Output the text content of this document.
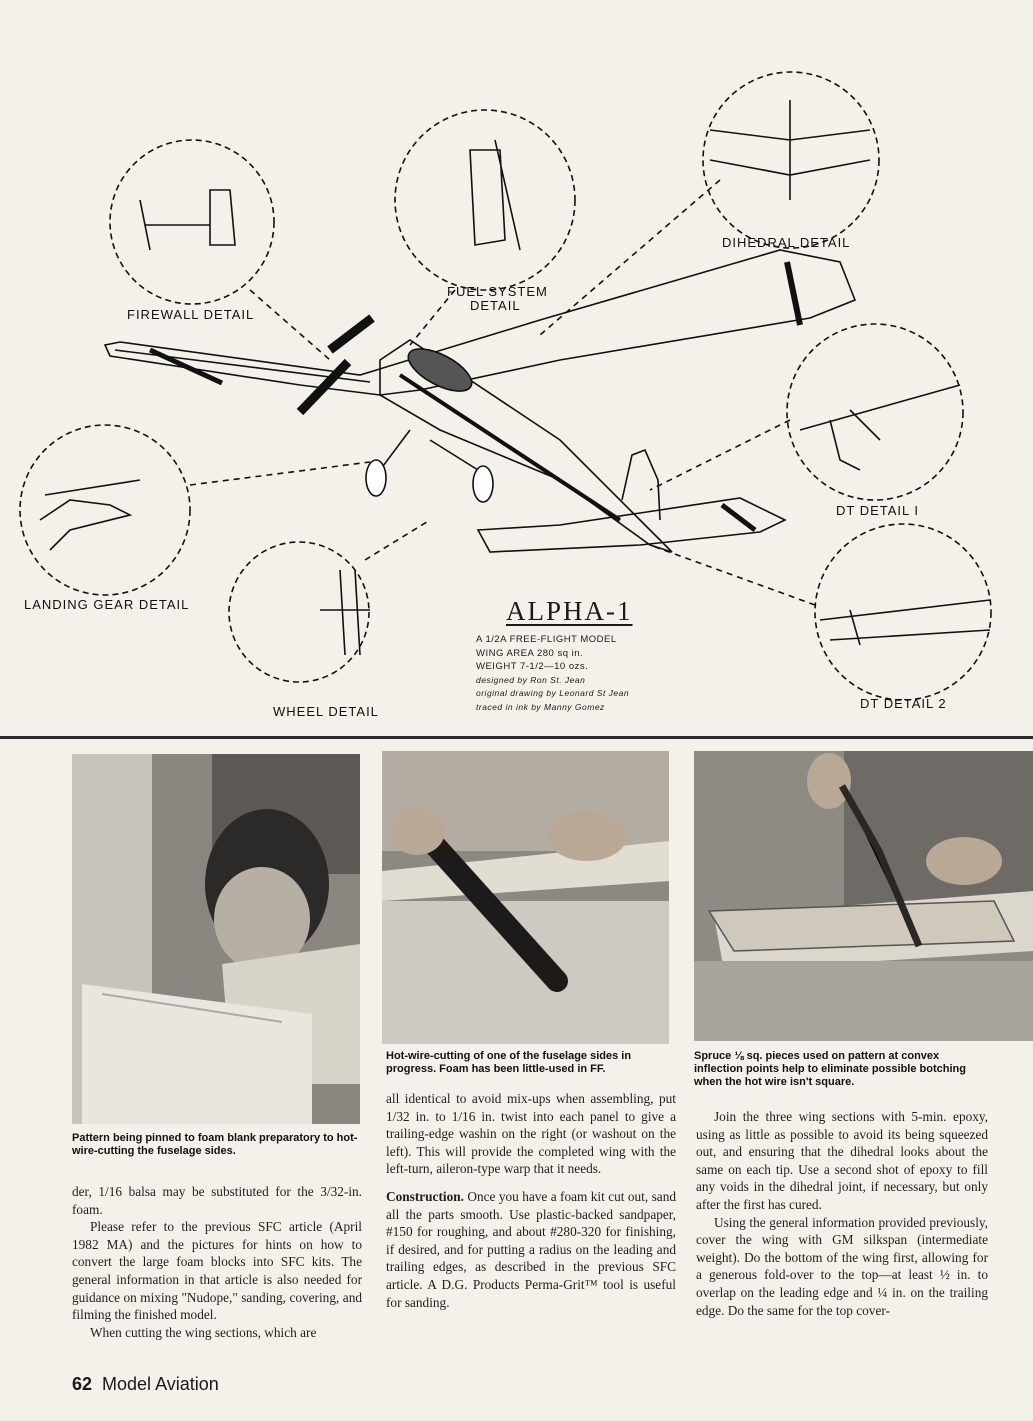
FIREWALL DETAIL
FUEL SYSTEM
DETAIL
DIHEDRAL DETAIL
DT DETAIL I
DT DETAIL 2
LANDING GEAR DETAIL
WHEEL DETAIL
ALPHA-1
A 1/2A FREE-FLIGHT MODEL
WING AREA 280 sq in.
WEIGHT 7-1/2—10 ozs.
designed by Ron St. Jean
original drawing by Leonard St Jean
traced in ink by Manny Gomez
Pattern being pinned to foam blank preparatory to hot-wire-cutting the fuselage sides.
Hot-wire-cutting of one of the fuselage sides in progress. Foam has been little-used in FF.
Spruce ⅛ sq. pieces used on pattern at convex inflection points help to eliminate possible botching when the hot wire isn't square.

der, 1/16 balsa may be substituted for the 3/32-in. foam.

Please refer to the previous SFC article (April 1982 MA) and the pictures for hints on how to convert the large foam blocks into SFC kits. The general information in that article is also needed for guidance on mixing "Nudope," sanding, covering, and filming the finished model.

When cutting the wing sections, which are

all identical to avoid mix-ups when assembling, put 1/32 in. to 1/16 in. twist into each panel to give a trailing-edge washin on the right (or washout on the left). This will provide the completed wing with the left-turn, aileron-type warp that it needs.

Construction. Once you have a foam kit cut out, sand all the parts smooth. Use plastic-backed sandpaper, #150 for roughing, and about #280-320 for finishing, if desired, and for putting a radius on the leading and trailing edges, as described in the previous SFC article. A D.G. Products Perma-Grit™ tool is useful for sanding.

Join the three wing sections with 5-min. epoxy, using as little as possible to avoid its being squeezed out, and ensuring that the dihedral looks about the same on each tip. Use a second shot of epoxy to fill any voids in the dihedral joint, if necessary, but only after the first has cured.

Using the general information provided previously, cover the wing with GM silkspan (intermediate weight). Do the bottom of the wing first, allowing for a generous fold-over to the top—at least ½ in. to overlap on the leading edge and ¼ in. on the trailing edge. Do the same for the top cover-

62 Model Aviation
